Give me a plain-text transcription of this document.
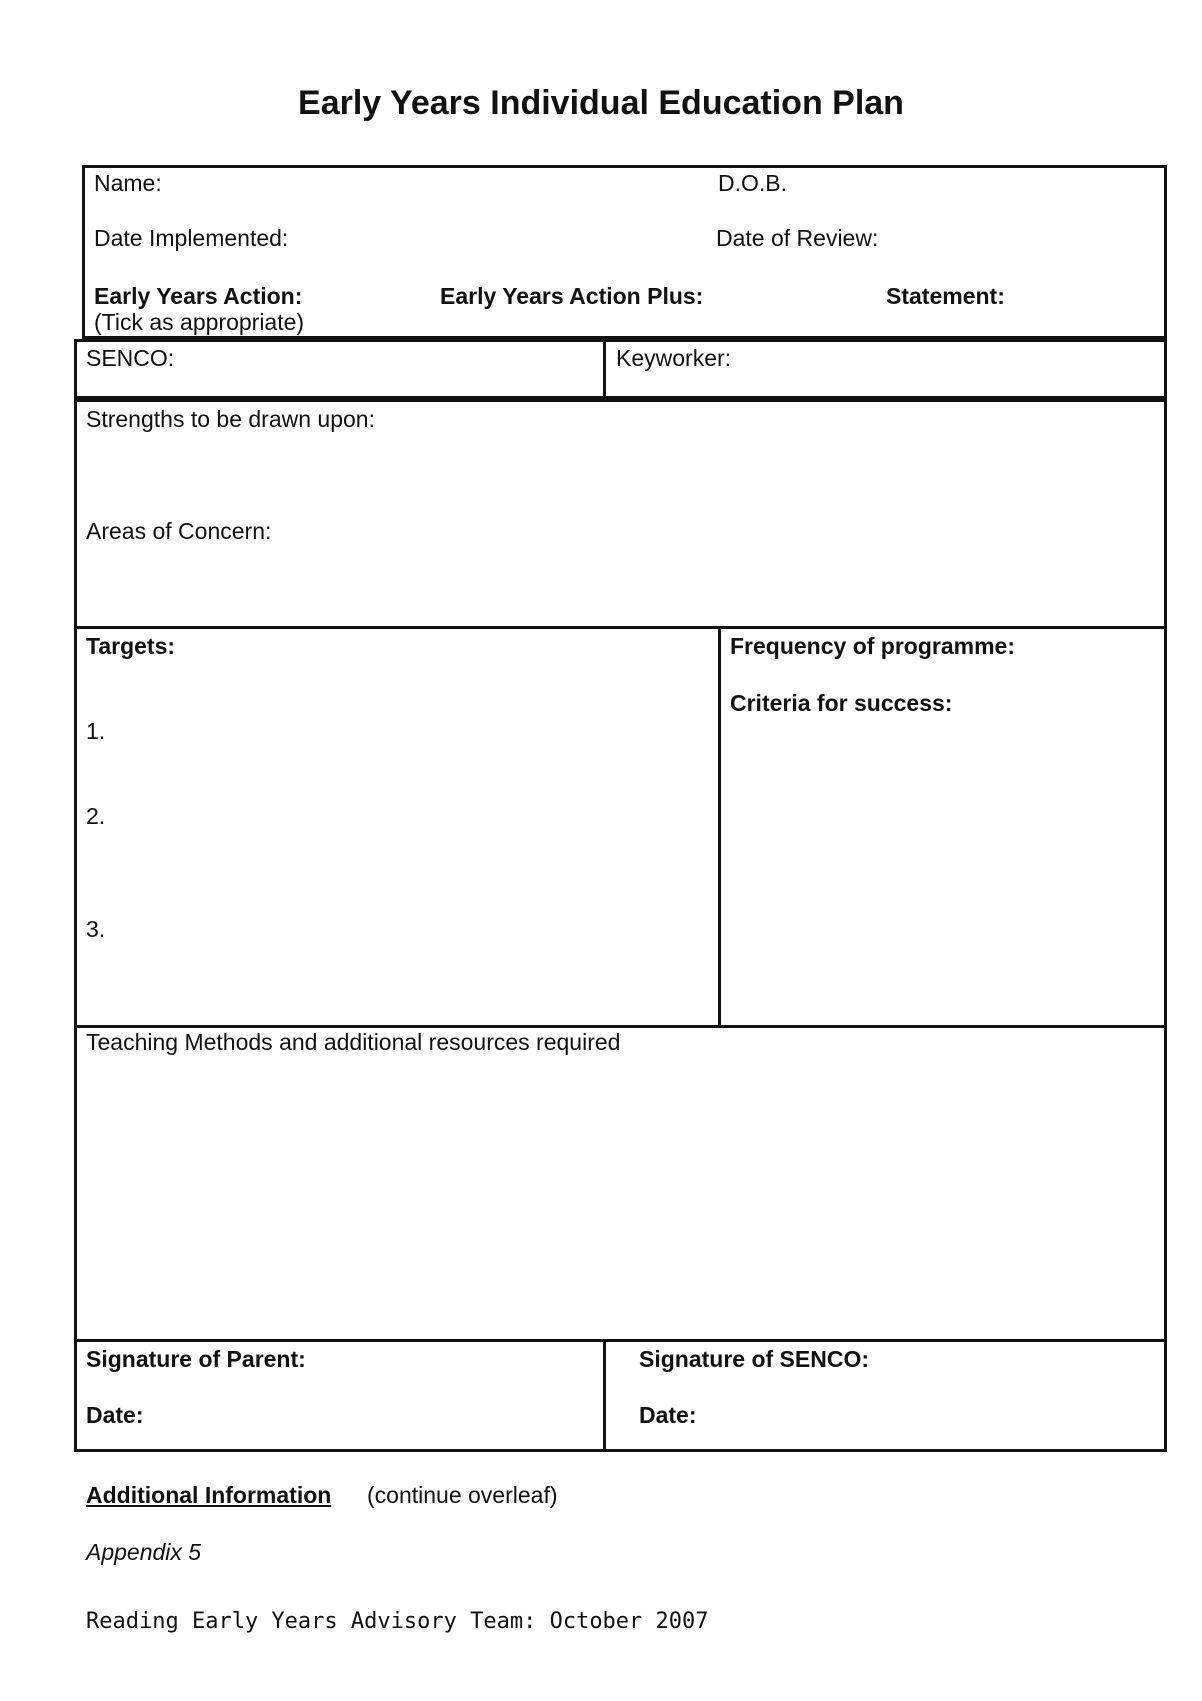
Early Years Individual Education Plan
Name:	D.O.B.
Date Implemented:	Date of Review:
Early Years Action:	Early Years Action Plus:	Statement:
(Tick as appropriate)
SENCO:	Keyworker:
Strengths to be drawn upon:
Areas of Concern:
Targets:
1.
2.
3.
Frequency of programme:
Criteria for success:
Teaching Methods and additional resources required
Signature of Parent:
Date:
Signature of SENCO:
Date:
Additional Information (continue overleaf)
Appendix 5
Reading Early Years Advisory Team: October 2007
